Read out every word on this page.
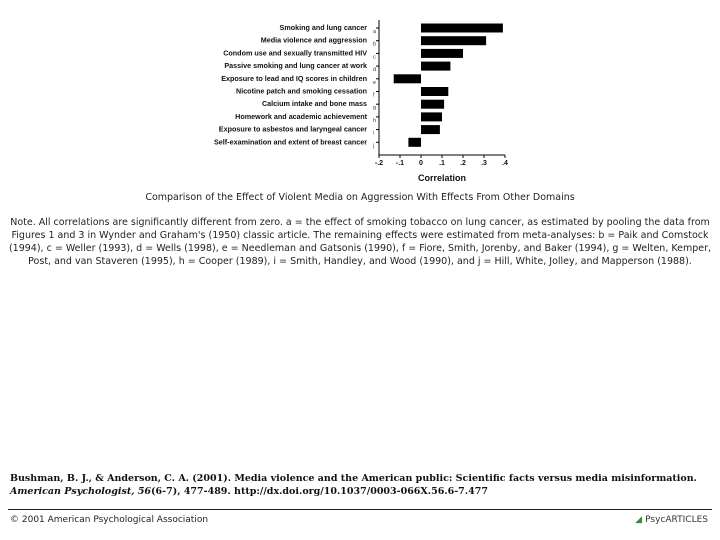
Smoking and lung cancer a
Media violence and aggression b
Condom use and sexually transmitted HIV c
Passive smoking and lung cancer at work d
Exposure to lead and IQ scores in children e
Nicotine patch and smoking cessation f
Calcium intake and bone mass g
Homework and academic achievement h
Exposure to asbestos and laryngeal cancer i
Self-examination and extent of breast cancer j
-.2 -.1 0 .1 .2 .3 .4
Correlation
Comparison of the Effect of Violent Media on Aggression With Effects From Other Domains
Note. All correlations are significantly different from zero. a = the effect of smoking tobacco on lung cancer, as estimated by pooling the data from Figures 1 and 3 in Wynder and Graham's (1950) classic article. The remaining effects were estimated from meta-analyses: b = Paik and Comstock (1994), c = Weller (1993), d = Wells (1998), e = Needleman and Gatsonis (1990), f = Fiore, Smith, Jorenby, and Baker (1994), g = Welten, Kemper, Post, and van Staveren (1995), h = Cooper (1989), i = Smith, Handley, and Wood (1990), and j = Hill, White, Jolley, and Mapperson (1988).
Bushman, B. J., & Anderson, C. A. (2001). Media violence and the American public: Scientific facts versus media misinformation.
American Psychologist, 56(6-7), 477-489. http://dx.doi.org/10.1037/0003-066X.56.6-7.477
© 2001 American Psychological Association	◢ PsycARTICLES
